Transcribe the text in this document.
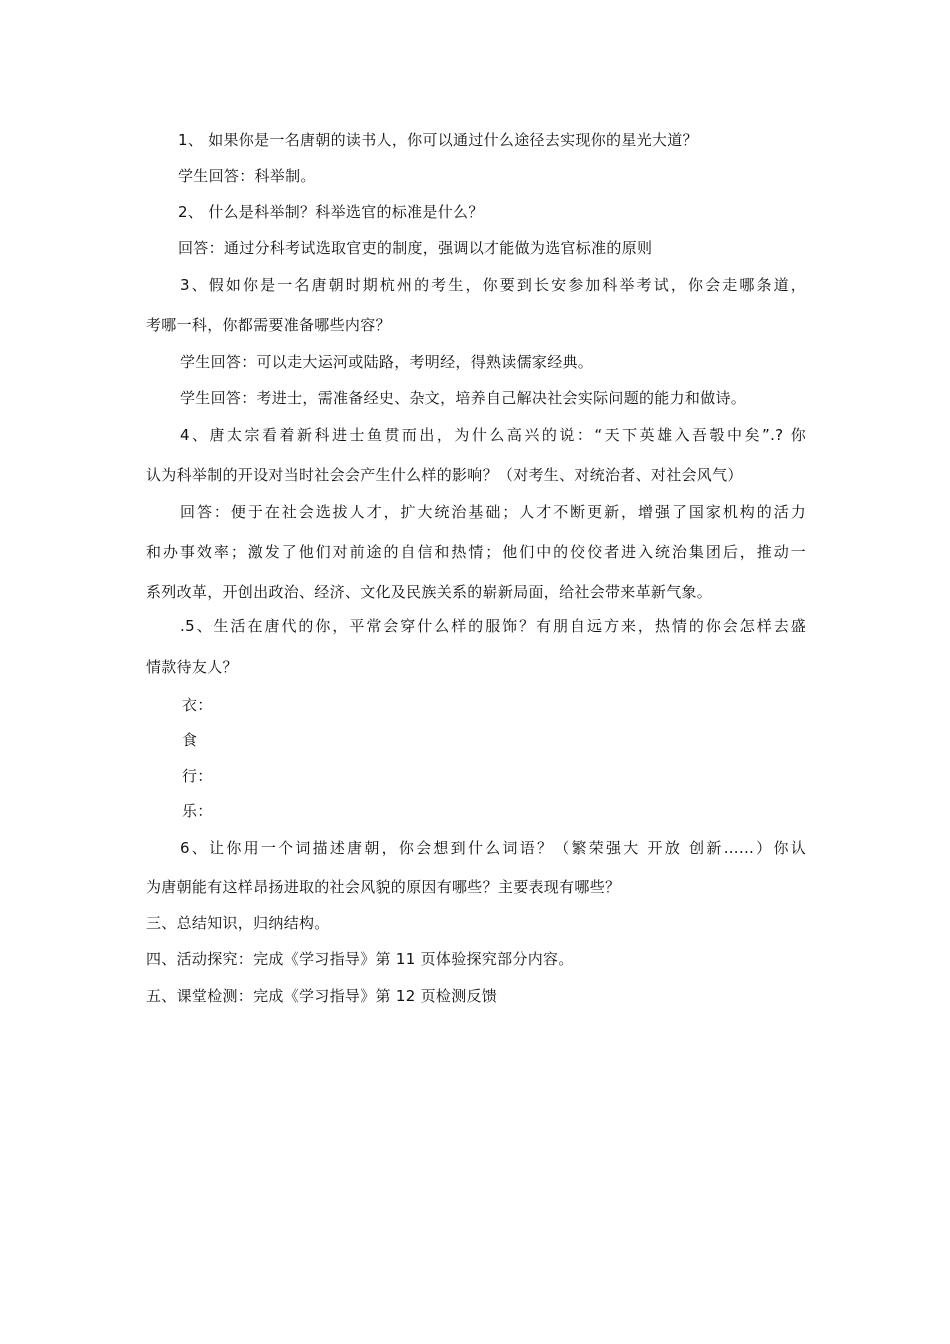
1、 如果你是一名唐朝的读书人，你可以通过什么途径去实现你的星光大道？
学生回答：科举制。
2、 什么是科举制？科举选官的标准是什么？
回答：通过分科考试选取官吏的制度，强调以才能做为选官标准的原则
3、假如你是一名唐朝时期杭州的考生，你要到长安参加科举考试，你会走哪条道，
考哪一科，你都需要准备哪些内容？
学生回答：可以走大运河或陆路，考明经，得熟读儒家经典。
学生回答：考进士，需准备经史、杂文，培养自己解决社会实际问题的能力和做诗。
4、唐太宗看着新科进士鱼贯而出，为什么高兴的说：“天下英雄入吾彀中矣”.? 你
认为科举制的开设对当时社会会产生什么样的影响？（对考生、对统治者、对社会风气）
回答：便于在社会选拔人才，扩大统治基础；人才不断更新，增强了国家机构的活力
和办事效率；激发了他们对前途的自信和热情；他们中的佼佼者进入统治集团后，推动一
系列改革，开创出政治、经济、文化及民族关系的崭新局面，给社会带来革新气象。
.5、生活在唐代的你，平常会穿什么样的服饰？有朋自远方来，热情的你会怎样去盛
情款待友人？
衣：
食
行：
乐：
6、让你用一个词描述唐朝，你会想到什么词语？（繁荣强大 开放 创新……）你认
为唐朝能有这样昂扬进取的社会风貌的原因有哪些？主要表现有哪些？
三、总结知识，归纳结构。
四、活动探究：完成《学习指导》第 11 页体验探究部分内容。
五、课堂检测：完成《学习指导》第 12 页检测反馈
